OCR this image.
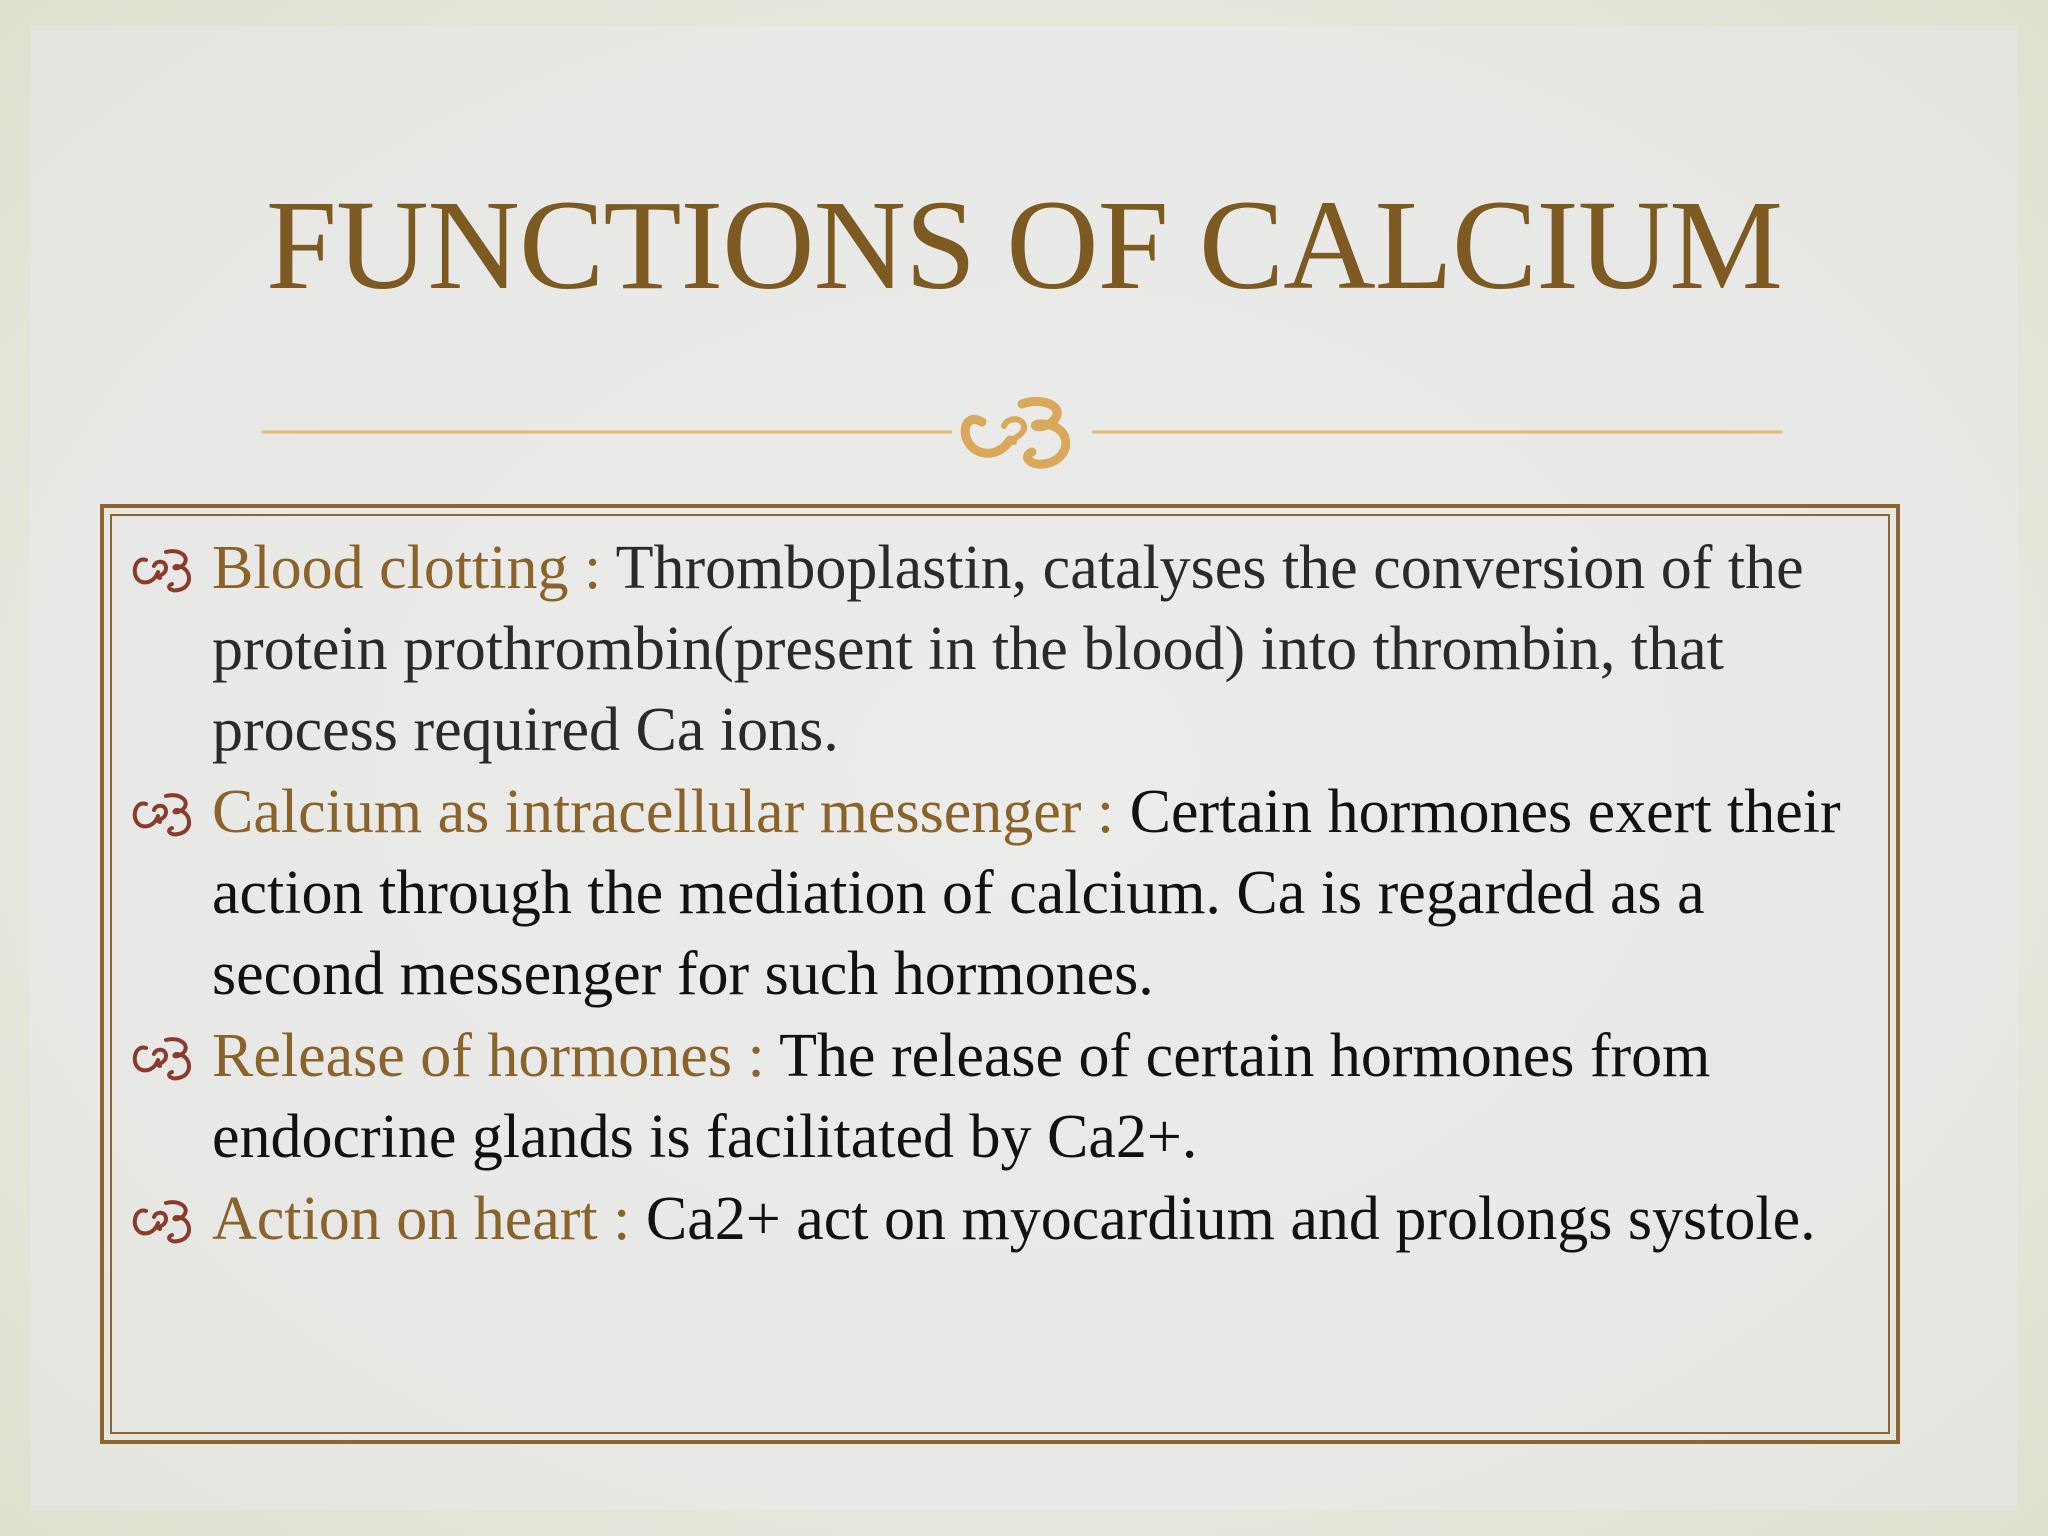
FUNCTIONS OF CALCIUM
Blood clotting : Thromboplastin, catalyses the conversion of the protein prothrombin(present in the blood) into thrombin, that process required Ca ions.
Calcium as intracellular messenger : Certain hormones exert their action through the mediation of calcium. Ca is regarded as a second messenger for such hormones.
Release of hormones : The release of certain hormones from endocrine glands is facilitated by Ca2+.
Action on heart : Ca2+ act on myocardium and prolongs systole.
